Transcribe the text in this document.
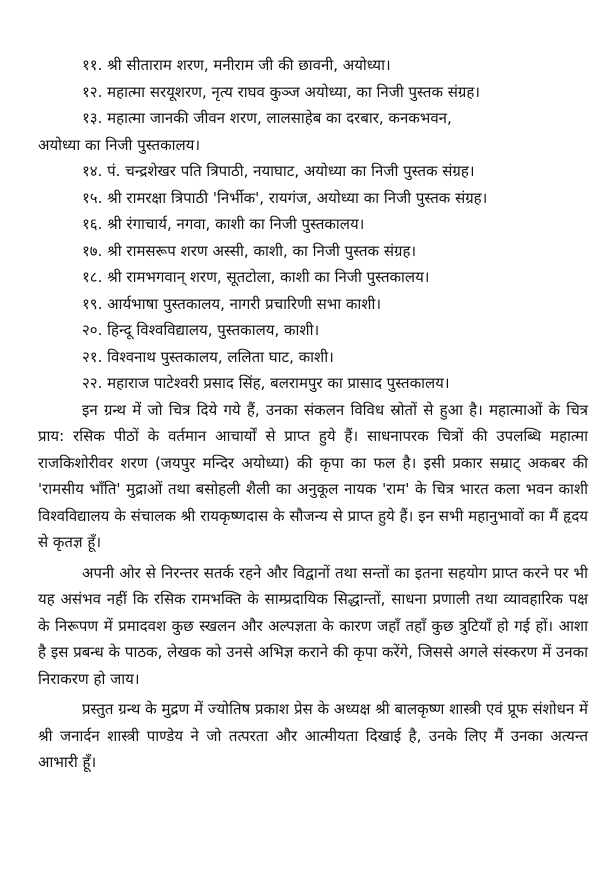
११. श्री सीताराम शरण, मनीराम जी की छावनी, अयोध्या।
१२. महात्मा सरयूशरण, नृत्य राघव कुञ्ज अयोध्या, का निजी पुस्तक संग्रह।
१३. महात्मा जानकी जीवन शरण, लालसाहेब का दरबार, कनकभवन,
अयोध्या का निजी पुस्तकालय।
१४. पं. चन्द्रशेखर पति त्रिपाठी, नयाघाट, अयोध्या का निजी पुस्तक संग्रह।
१५. श्री रामरक्षा त्रिपाठी 'निर्भीक', रायगंज, अयोध्या का निजी पुस्तक संग्रह।
१६. श्री रंगाचार्य, नगवा, काशी का निजी पुस्तकालय।
१७. श्री रामसरूप शरण अस्सी, काशी, का निजी पुस्तक संग्रह।
१८. श्री रामभगवान् शरण, सूतटोला, काशी का निजी पुस्तकालय।
१९. आर्यभाषा पुस्तकालय, नागरी प्रचारिणी सभा काशी।
२०. हिन्दू विश्वविद्यालय, पुस्तकालय, काशी।
२१. विश्वनाथ पुस्तकालय, ललिता घाट, काशी।
२२. महाराज पाटेश्वरी प्रसाद सिंह, बलरामपुर का प्रासाद पुस्तकालय।

इन ग्रन्थ में जो चित्र दिये गये हैं, उनका संकलन विविध स्रोतों से हुआ है। महात्माओं के चित्र प्राय: रसिक पीठों के वर्तमान आचार्यों से प्राप्त हुये हैं। साधनापरक चित्रों की उपलब्धि महात्मा राजकिशोरीवर शरण (जयपुर मन्दिर अयोध्या) की कृपा का फल है। इसी प्रकार सम्राट् अकबर की 'रामसीय भाँति' मुद्राओं तथा बसोहली शैली का अनुकूल नायक 'राम' के चित्र भारत कला भवन काशी विश्वविद्यालय के संचालक श्री रायकृष्णदास के सौजन्य से प्राप्त हुये हैं। इन सभी महानुभावों का मैं हृदय से कृतज्ञ हूँ।

अपनी ओर से निरन्तर सतर्क रहने और विद्वानों तथा सन्तों का इतना सहयोग प्राप्त करने पर भी यह असंभव नहीं कि रसिक रामभक्ति के साम्प्रदायिक सिद्धान्तों, साधना प्रणाली तथा व्यावहारिक पक्ष के निरूपण में प्रमादवश कुछ स्खलन और अल्पज्ञता के कारण जहाँ तहाँ कुछ त्रुटियाँ हो गई हों। आशा है इस प्रबन्ध के पाठक, लेखक को उनसे अभिज्ञ कराने की कृपा करेंगे, जिससे अगले संस्करण में उनका निराकरण हो जाय।

प्रस्तुत ग्रन्थ के मुद्रण में ज्योतिष प्रकाश प्रेस के अध्यक्ष श्री बालकृष्ण शास्त्री एवं प्रूफ संशोधन में श्री जनार्दन शास्त्री पाण्डेय ने जो तत्परता और आत्मीयता दिखाई है, उनके लिए मैं उनका अत्यन्त आभारी हूँ।
